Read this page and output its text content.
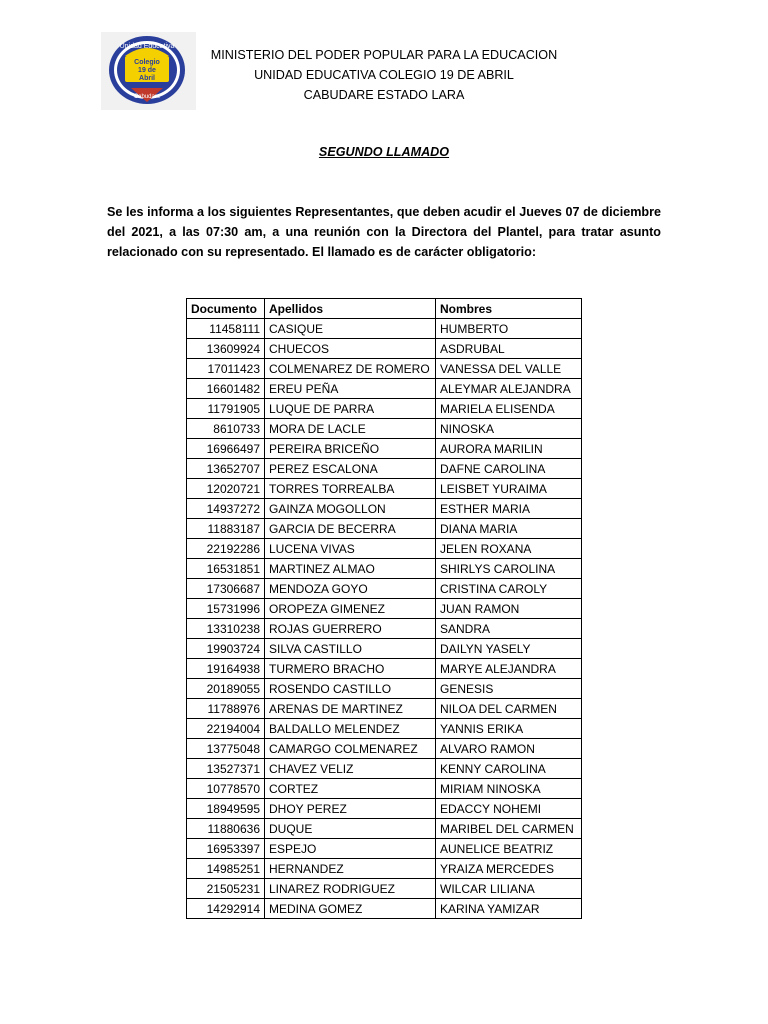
Unidad Educativa
Colegio
19 de
Abril
Cabudare
MINISTERIO DEL PODER POPULAR PARA LA EDUCACION
UNIDAD EDUCATIVA COLEGIO 19 DE ABRIL
CABUDARE ESTADO LARA
SEGUNDO LLAMADO
Se les informa a los siguientes Representantes, que deben acudir el Jueves 07 de diciembre del 2021, a las 07:30 am, a una reunión con la Directora del Plantel, para tratar asunto relacionado con su representado. El llamado es de carácter obligatorio:
Documento	Apellidos	Nombres
11458111	CASIQUE	HUMBERTO
13609924	CHUECOS	ASDRUBAL
17011423	COLMENAREZ DE ROMERO	VANESSA DEL VALLE
16601482	EREU PEÑA	ALEYMAR ALEJANDRA
11791905	LUQUE DE PARRA	MARIELA ELISENDA
8610733	MORA DE LACLE	NINOSKA
16966497	PEREIRA BRICEÑO	AURORA MARILIN
13652707	PEREZ ESCALONA	DAFNE CAROLINA
12020721	TORRES TORREALBA	LEISBET YURAIMA
14937272	GAINZA MOGOLLON	ESTHER MARIA
11883187	GARCIA DE BECERRA	DIANA MARIA
22192286	LUCENA VIVAS	JELEN ROXANA
16531851	MARTINEZ ALMAO	SHIRLYS CAROLINA
17306687	MENDOZA GOYO	CRISTINA CAROLY
15731996	OROPEZA GIMENEZ	JUAN RAMON
13310238	ROJAS GUERRERO	SANDRA
19903724	SILVA CASTILLO	DAILYN YASELY
19164938	TURMERO BRACHO	MARYE ALEJANDRA
20189055	ROSENDO CASTILLO	GENESIS
11788976	ARENAS DE MARTINEZ	NILOA DEL CARMEN
22194004	BALDALLO MELENDEZ	YANNIS ERIKA
13775048	CAMARGO COLMENAREZ	ALVARO RAMON
13527371	CHAVEZ VELIZ	KENNY CAROLINA
10778570	CORTEZ	MIRIAM NINOSKA
18949595	DHOY PEREZ	EDACCY NOHEMI
11880636	DUQUE	MARIBEL DEL CARMEN
16953397	ESPEJO	AUNELICE BEATRIZ
14985251	HERNANDEZ	YRAIZA MERCEDES
21505231	LINAREZ RODRIGUEZ	WILCAR LILIANA
14292914	MEDINA GOMEZ	KARINA YAMIZAR
